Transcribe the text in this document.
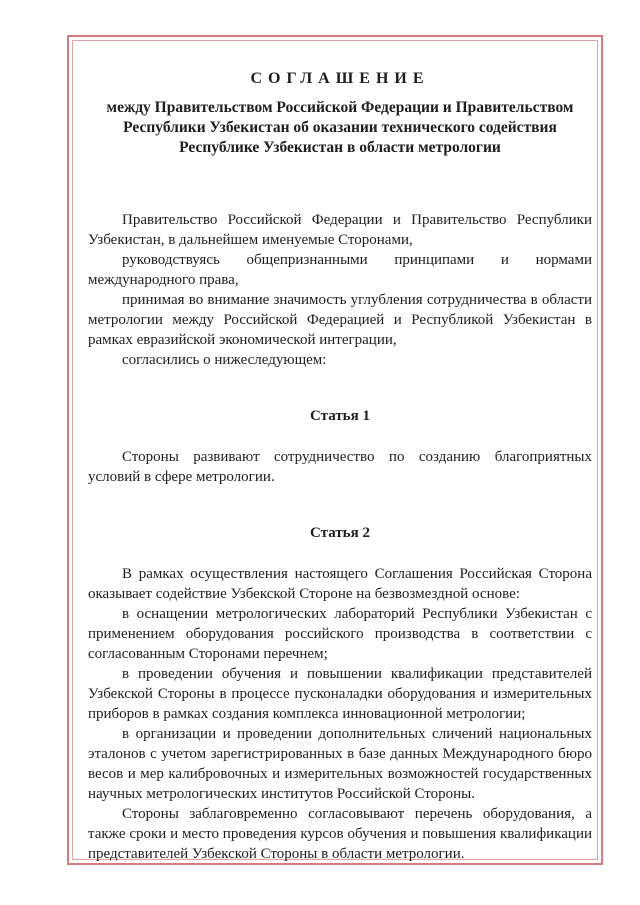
СОГЛАШЕНИЕ

между Правительством Российской Федерации и Правительством

Республики Узбекистан об оказании технического содействия

Республике Узбекистан в области метрологии

Правительство Российской Федерации и Правительство Республики Узбекистан, в дальнейшем именуемые Сторонами,

руководствуясь общепризнанными принципами и нормами международного права,

принимая во внимание значимость углубления сотрудничества в области метрологии между Российской Федерацией и Республикой Узбекистан в рамках евразийской экономической интеграции,

согласились о нижеследующем:

Статья 1

Стороны развивают сотрудничество по созданию благоприятных условий в сфере метрологии.

Статья 2

В рамках осуществления настоящего Соглашения Российская Сторона оказывает содействие Узбекской Стороне на безвозмездной основе:

в оснащении метрологических лабораторий Республики Узбекистан с применением оборудования российского производства в соответствии с согласованным Сторонами перечнем;

в проведении обучения и повышении квалификации представителей Узбекской Стороны в процессе пусконаладки оборудования и измерительных приборов в рамках создания комплекса инновационной метрологии;

в организации и проведении дополнительных сличений национальных эталонов с учетом зарегистрированных в базе данных Международного бюро весов и мер калибровочных и измерительных возможностей государственных научных метрологических институтов Российской Стороны.

Стороны заблаговременно согласовывают перечень оборудования, а также сроки и место проведения курсов обучения и повышения квалификации представителей Узбекской Стороны в области метрологии.
